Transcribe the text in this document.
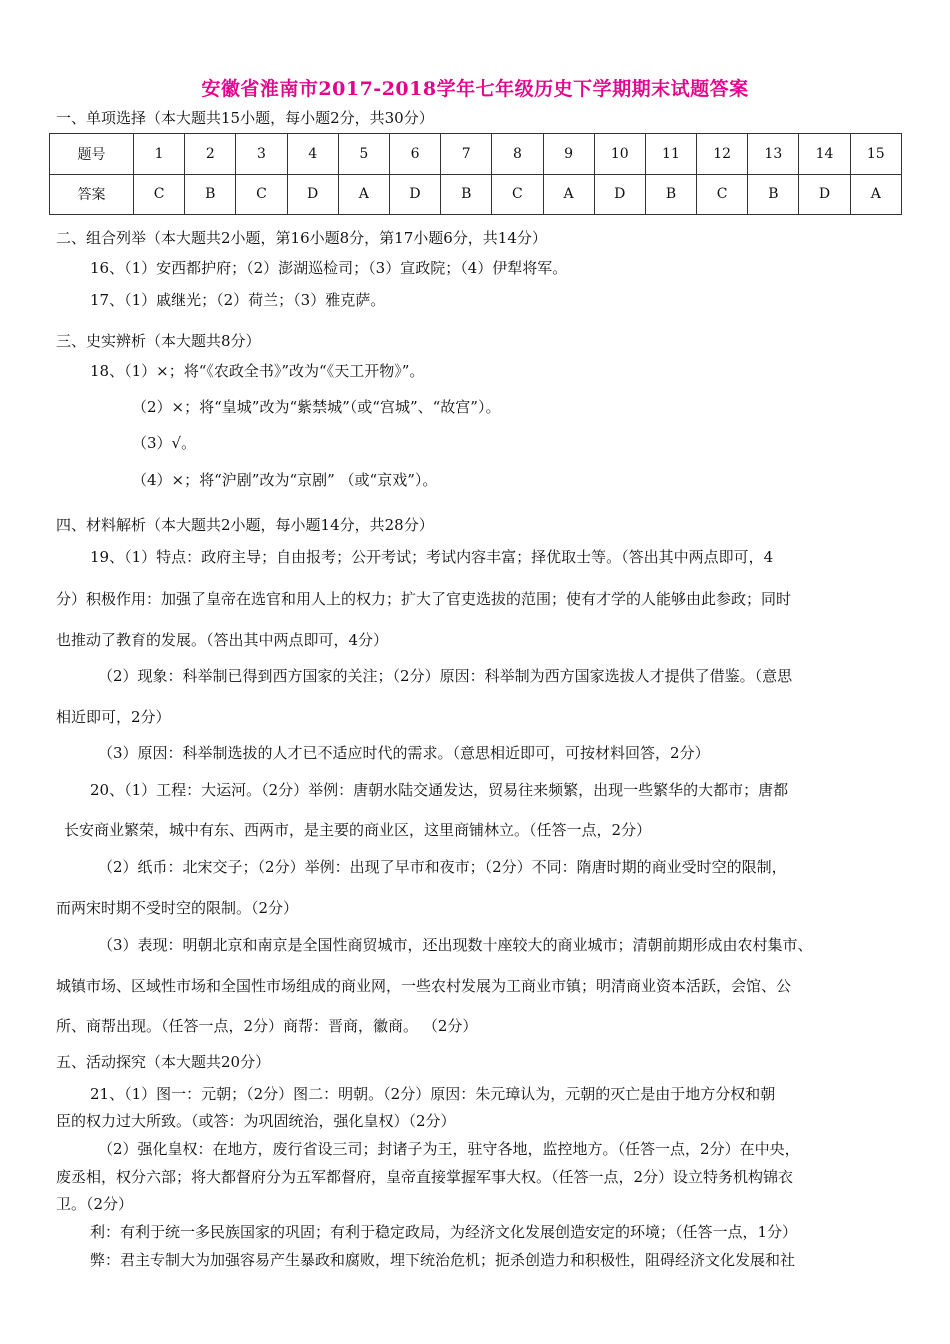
安徽省淮南市2017-2018学年七年级历史下学期期末试题答案
一、单项选择（本大题共15小题，每小题2分，共30分）
题号	1	2	3	4	5	6	7	8	9	10	11	12	13	14	15
答案	C	B	C	D	A	D	B	C	A	D	B	C	B	D	A
二、组合列举（本大题共2小题，第16小题8分，第17小题6分，共14分）
16、（1）安西都护府；（2）澎湖巡检司；（3）宣政院；（4）伊犁将军。
17、（1）戚继光；（2）荷兰；（3）雅克萨。
三、史实辨析（本大题共8分）
18、（1）×；将“《农政全书》”改为“《天工开物》”。
（2）×；将“皇城”改为“紫禁城”（或“宫城”、“故宫”）。
（3）√。
（4）×；将“沪剧”改为“京剧” （或“京戏”）。
四、材料解析（本大题共2小题，每小题14分，共28分）
19、（1）特点：政府主导；自由报考；公开考试；考试内容丰富；择优取士等。（答出其中两点即可，4
分）积极作用：加强了皇帝在选官和用人上的权力；扩大了官吏选拔的范围；使有才学的人能够由此参政；同时
也推动了教育的发展。（答出其中两点即可，4分）
（2）现象：科举制已得到西方国家的关注；（2分）原因：科举制为西方国家选拔人才提供了借鉴。（意思
相近即可，2分）
（3）原因：科举制选拔的人才已不适应时代的需求。（意思相近即可，可按材料回答，2分）
20、（1）工程：大运河。（2分）举例：唐朝水陆交通发达，贸易往来频繁，出现一些繁华的大都市；唐都
长安商业繁荣，城中有东、西两市，是主要的商业区，这里商铺林立。（任答一点，2分）
（2）纸币：北宋交子；（2分）举例：出现了早市和夜市；（2分）不同：隋唐时期的商业受时空的限制，
而两宋时期不受时空的限制。（2分）
（3）表现：明朝北京和南京是全国性商贸城市，还出现数十座较大的商业城市；清朝前期形成由农村集市、
城镇市场、区域性市场和全国性市场组成的商业网，一些农村发展为工商业市镇；明清商业资本活跃，会馆、公
所、商帮出现。（任答一点，2分）商帮：晋商，徽商。 （2分）
五、活动探究（本大题共20分）
21、（1）图一：元朝；（2分）图二：明朝。（2分）原因：朱元璋认为，元朝的灭亡是由于地方分权和朝
臣的权力过大所致。（或答：为巩固统治，强化皇权）（2分）
（2）强化皇权：在地方，废行省设三司；封诸子为王，驻守各地，监控地方。（任答一点，2分）在中央，
废丞相，权分六部；将大都督府分为五军都督府，皇帝直接掌握军事大权。（任答一点，2分）设立特务机构锦衣
卫。（2分）
利：有利于统一多民族国家的巩固；有利于稳定政局，为经济文化发展创造安定的环境；（任答一点，1分）
弊：君主专制大为加强容易产生暴政和腐败，埋下统治危机；扼杀创造力和积极性，阻碍经济文化发展和社
